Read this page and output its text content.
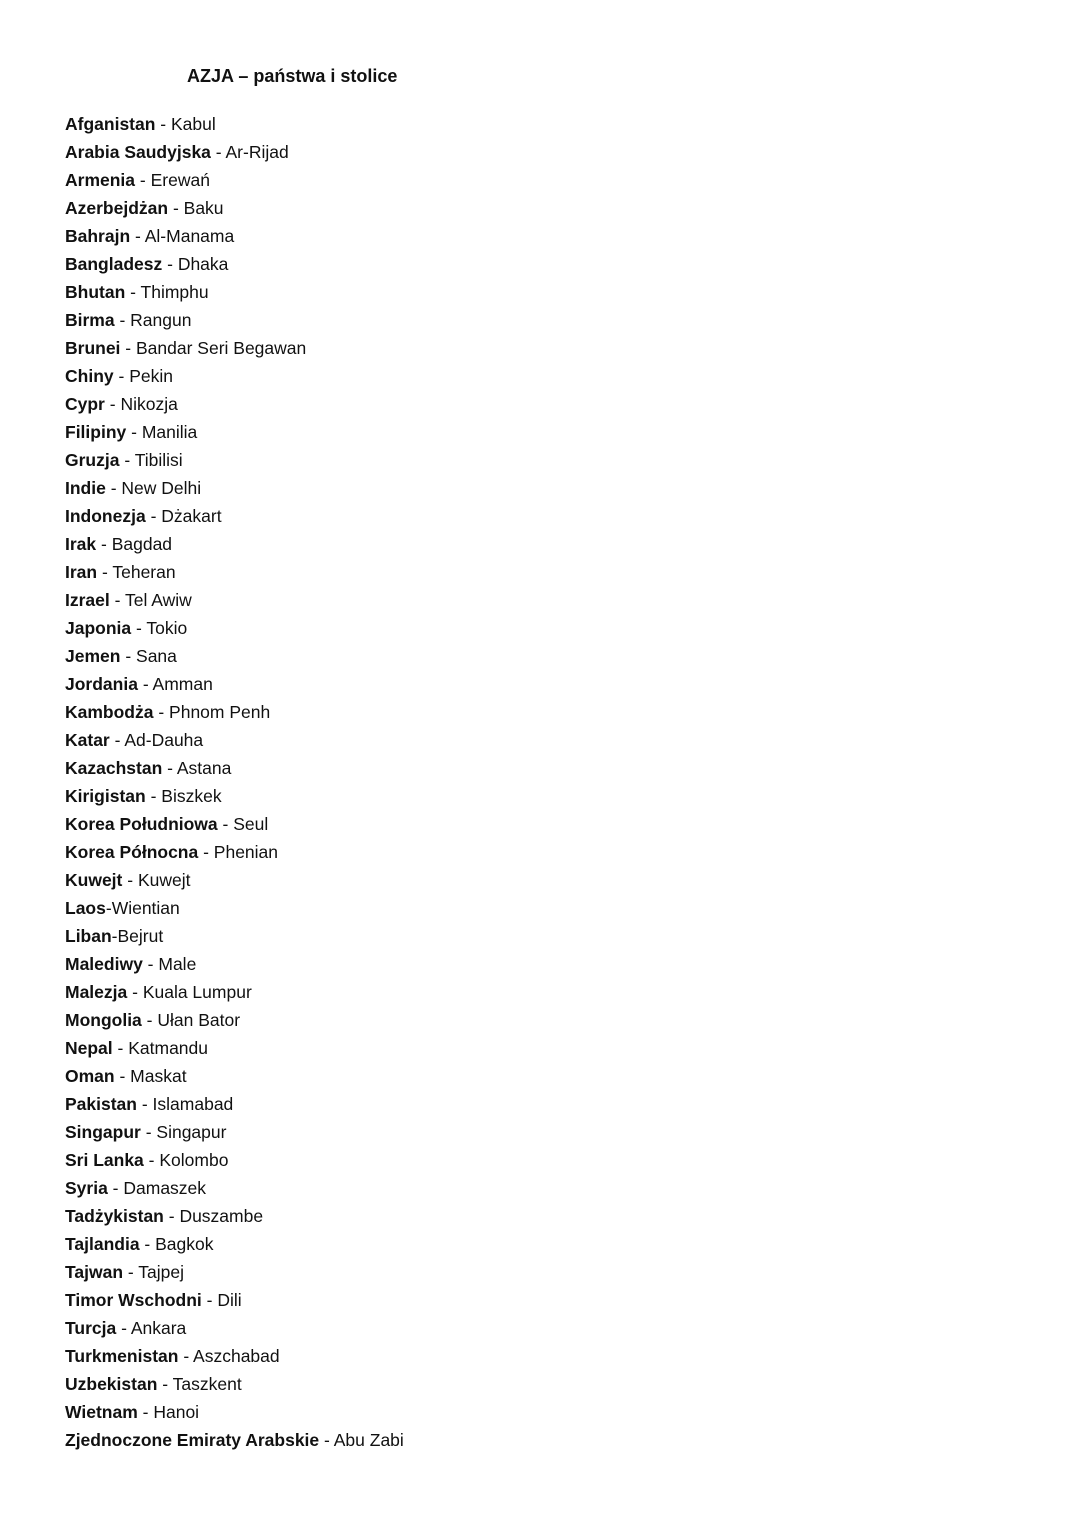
AZJA – państwa i stolice
Afganistan - Kabul
Arabia Saudyjska - Ar-Rijad
Armenia - Erewań
Azerbejdżan - Baku
Bahrajn - Al-Manama
Bangladesz - Dhaka
Bhutan - Thimphu
Birma - Rangun
Brunei - Bandar Seri Begawan
Chiny - Pekin
Cypr - Nikozja
Filipiny - Manilia
Gruzja - Tibilisi
Indie - New Delhi
Indonezja - Dżakart
Irak - Bagdad
Iran - Teheran
Izrael - Tel Awiw
Japonia - Tokio
Jemen - Sana
Jordania - Amman
Kambodża - Phnom Penh
Katar - Ad-Dauha
Kazachstan - Astana
Kirigistan - Biszkek
Korea Południowa - Seul
Korea Północna - Phenian
Kuwejt - Kuwejt
Laos-Wientian
Liban-Bejrut
Malediwy - Male
Malezja - Kuala Lumpur
Mongolia - Ułan Bator
Nepal - Katmandu
Oman - Maskat
Pakistan - Islamabad
Singapur - Singapur
Sri Lanka - Kolombo
Syria - Damaszek
Tadżykistan - Duszambe
Tajlandia - Bagkok
Tajwan - Tajpej
Timor Wschodni - Dili
Turcja - Ankara
Turkmenistan - Aszchabad
Uzbekistan - Taszkent
Wietnam - Hanoi
Zjednoczone Emiraty Arabskie - Abu Zabi
